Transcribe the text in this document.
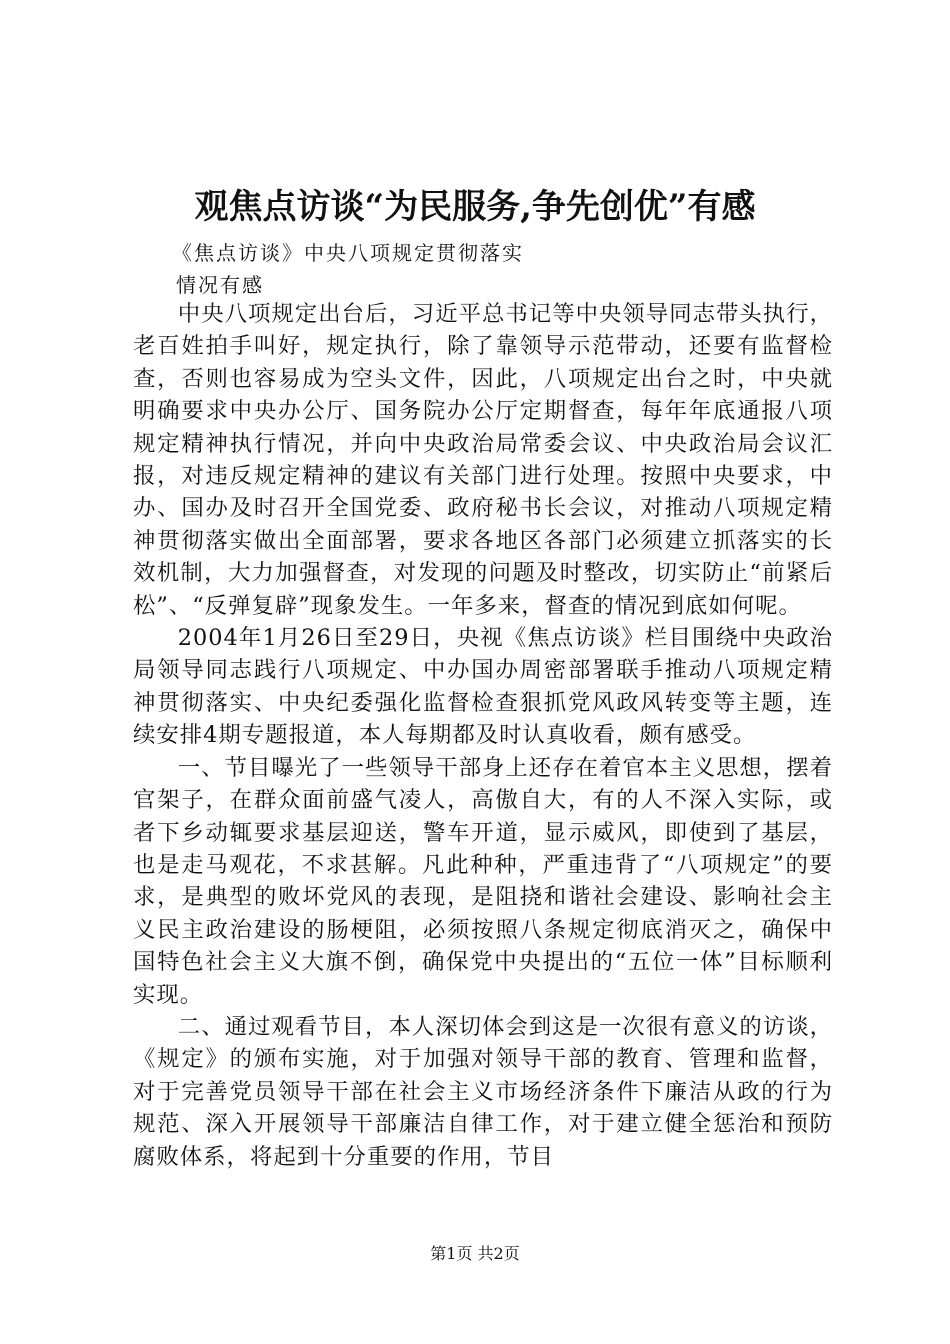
观焦点访谈“为民服务,争先创优”有感
《焦点访谈》中央八项规定贯彻落实
情况有感

中央八项规定出台后，习近平总书记等中央领导同志带头执行，老百姓拍手叫好，规定执行，除了靠领导示范带动，还要有监督检查，否则也容易成为空头文件，因此，八项规定出台之时，中央就明确要求中央办公厅、国务院办公厅定期督查，每年年底通报八项规定精神执行情况，并向中央政治局常委会议、中央政治局会议汇报，对违反规定精神的建议有关部门进行处理。按照中央要求，中办、国办及时召开全国党委、政府秘书长会议，对推动八项规定精神贯彻落实做出全面部署，要求各地区各部门必须建立抓落实的长效机制，大力加强督查，对发现的问题及时整改，切实防止“前紧后松”、“反弹复辟”现象发生。一年多来，督查的情况到底如何呢。

2004年1月26日至29日，央视《焦点访谈》栏目围绕中央政治局领导同志践行八项规定、中办国办周密部署联手推动八项规定精神贯彻落实、中央纪委强化监督检查狠抓党风政风转变等主题，连续安排4期专题报道，本人每期都及时认真收看，颇有感受。

一、节目曝光了一些领导干部身上还存在着官本主义思想，摆着官架子，在群众面前盛气凌人，高傲自大，有的人不深入实际，或者下乡动辄要求基层迎送，警车开道，显示威风，即使到了基层，也是走马观花，不求甚解。凡此种种，严重违背了“八项规定”的要求，是典型的败坏党风的表现，是阻挠和谐社会建设、影响社会主义民主政治建设的肠梗阻，必须按照八条规定彻底消灭之，确保中国特色社会主义大旗不倒，确保党中央提出的“五位一体”目标顺利实现。

二、通过观看节目，本人深切体会到这是一次很有意义的访谈，《规定》的颁布实施，对于加强对领导干部的教育、管理和监督，对于完善党员领导干部在社会主义市场经济条件下廉洁从政的行为规范、深入开展领导干部廉洁自律工作，对于建立健全惩治和预防腐败体系，将起到十分重要的作用，节目

第1页 共2页
